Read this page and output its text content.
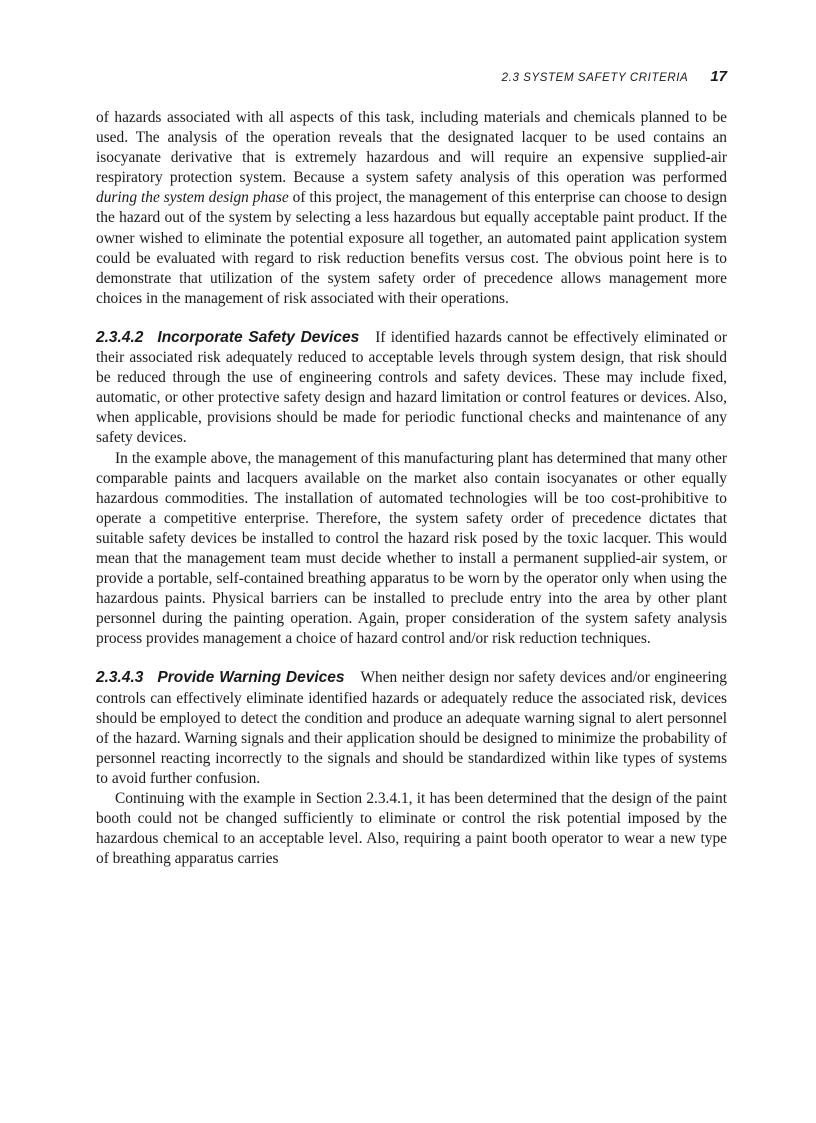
2.3 SYSTEM SAFETY CRITERIA 17

of hazards associated with all aspects of this task, including materials and chemicals planned to be used. The analysis of the operation reveals that the designated lacquer to be used contains an isocyanate derivative that is extremely hazardous and will require an expensive supplied-air respiratory protection system. Because a system safety analysis of this operation was performed during the system design phase of this project, the management of this enterprise can choose to design the hazard out of the system by selecting a less hazardous but equally acceptable paint product. If the owner wished to eliminate the potential exposure all together, an automated paint application system could be evaluated with regard to risk reduction benefits versus cost. The obvious point here is to demonstrate that utilization of the system safety order of precedence allows management more choices in the management of risk associated with their operations.

2.3.4.2 Incorporate Safety Devices If identified hazards cannot be effectively eliminated or their associated risk adequately reduced to acceptable levels through system design, that risk should be reduced through the use of engineering controls and safety devices. These may include fixed, automatic, or other protective safety design and hazard limitation or control features or devices. Also, when applicable, provisions should be made for periodic functional checks and maintenance of any safety devices.

In the example above, the management of this manufacturing plant has determined that many other comparable paints and lacquers available on the market also contain isocyanates or other equally hazardous commodities. The installation of automated technologies will be too cost-prohibitive to operate a competitive enterprise. Therefore, the system safety order of precedence dictates that suitable safety devices be installed to control the hazard risk posed by the toxic lacquer. This would mean that the management team must decide whether to install a permanent supplied-air system, or provide a portable, self-contained breathing apparatus to be worn by the operator only when using the hazardous paints. Physical barriers can be installed to preclude entry into the area by other plant personnel during the painting operation. Again, proper consideration of the system safety analysis process provides management a choice of hazard control and/or risk reduction techniques.

2.3.4.3 Provide Warning Devices When neither design nor safety devices and/or engineering controls can effectively eliminate identified hazards or adequately reduce the associated risk, devices should be employed to detect the condition and produce an adequate warning signal to alert personnel of the hazard. Warning signals and their application should be designed to minimize the probability of personnel reacting incorrectly to the signals and should be standardized within like types of systems to avoid further confusion.

Continuing with the example in Section 2.3.4.1, it has been determined that the design of the paint booth could not be changed sufficiently to eliminate or control the risk potential imposed by the hazardous chemical to an acceptable level. Also, requiring a paint booth operator to wear a new type of breathing apparatus carries
